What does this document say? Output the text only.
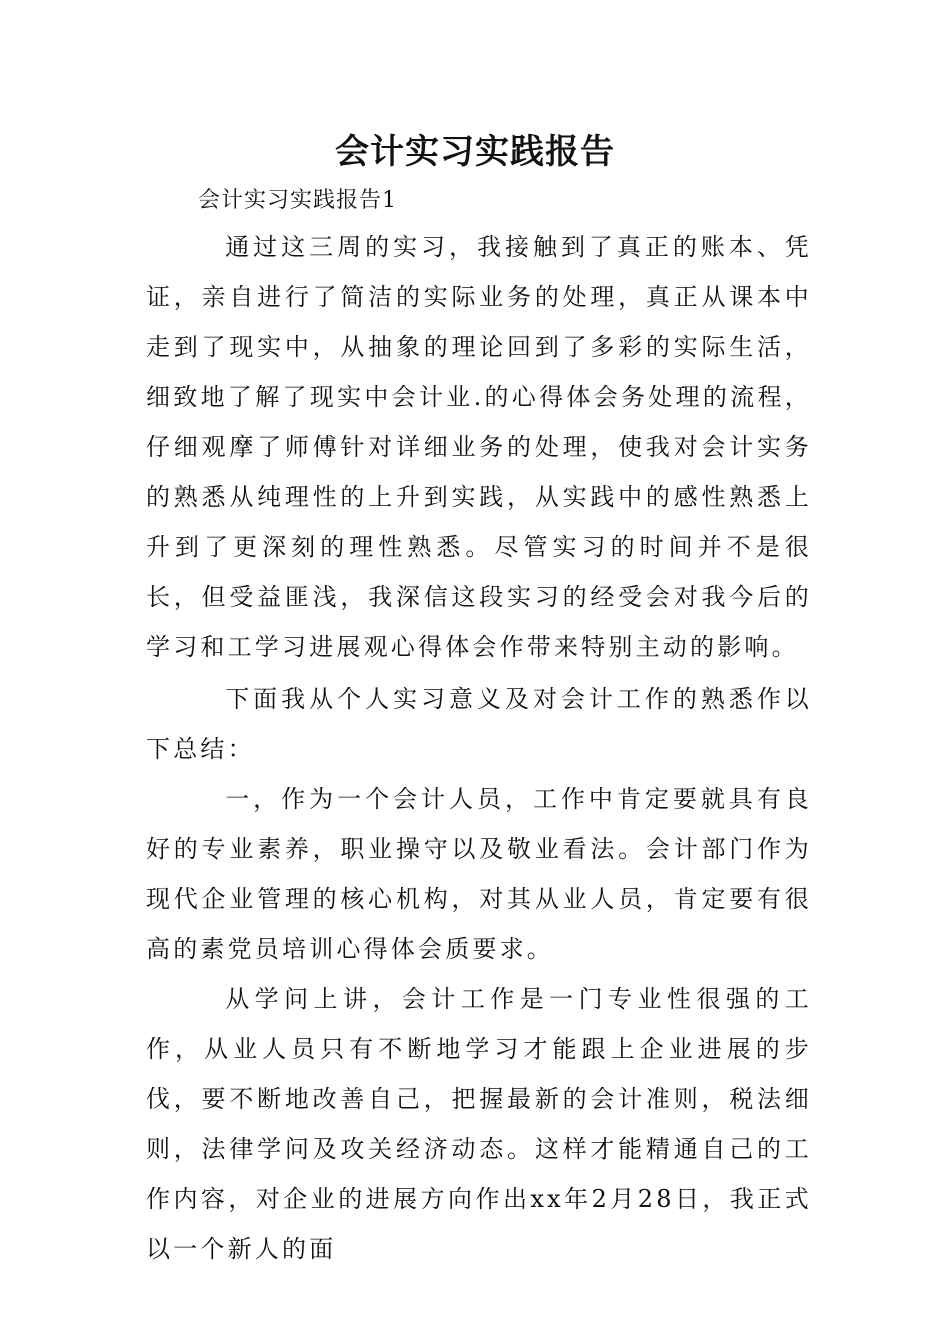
会计实习实践报告
会计实习实践报告1

通过这三周的实习，我接触到了真正的账本、凭证，亲自进行了简洁的实际业务的处理，真正从课本中走到了现实中，从抽象的理论回到了多彩的实际生活，细致地了解了现实中会计业.的心得体会务处理的流程，仔细观摩了师傅针对详细业务的处理，使我对会计实务的熟悉从纯理性的上升到实践，从实践中的感性熟悉上升到了更深刻的理性熟悉。尽管实习的时间并不是很长，但受益匪浅，我深信这段实习的经受会对我今后的学习和工学习进展观心得体会作带来特别主动的影响。

下面我从个人实习意义及对会计工作的熟悉作以下总结：

一，作为一个会计人员，工作中肯定要就具有良好的专业素养，职业操守以及敬业看法。会计部门作为现代企业管理的核心机构，对其从业人员，肯定要有很高的素党员培训心得体会质要求。

从学问上讲，会计工作是一门专业性很强的工作，从业人员只有不断地学习才能跟上企业进展的步伐，要不断地改善自己，把握最新的会计准则，税法细则，法律学问及攻关经济动态。这样才能精通自己的工作内容，对企业的进展方向作出xx年2月28日，我正式以一个新人的面
